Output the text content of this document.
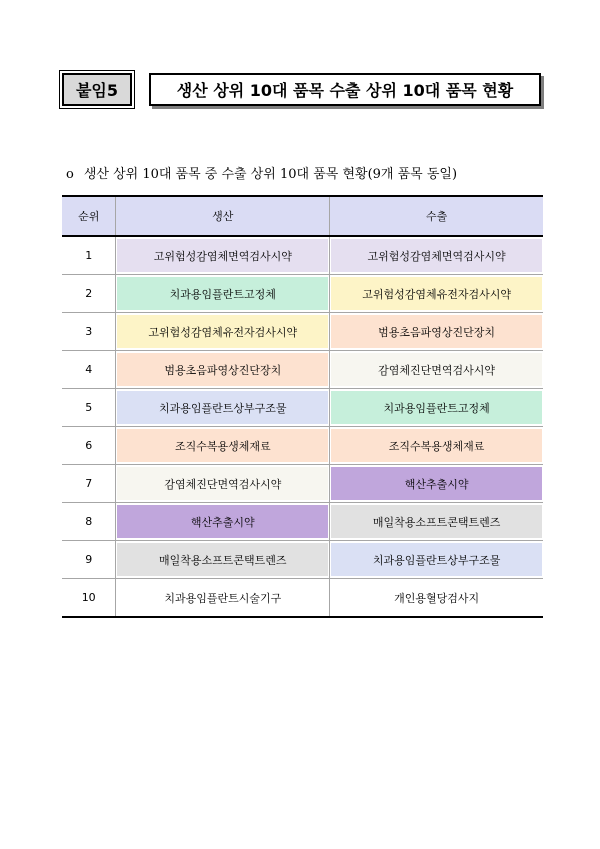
붙임5	생산 상위 10대 품목 수출 상위 10대 품목 현황
o 생산 상위 10대 품목 중 수출 상위 10대 품목 현황(9개 품목 동일)
순위	생산	수출

1	고위험성감염체면역검사시약	고위험성감염체면역검사시약

2	치과용임플란트고정체	고위험성감염체유전자검사시약

3	고위험성감염체유전자검사시약	범용초음파영상진단장치

4	범용초음파영상진단장치	감염체진단면역검사시약

5	치과용임플란트상부구조물	치과용임플란트고정체

6	조직수복용생체재료	조직수복용생체재료

7	감염체진단면역검사시약	핵산추출시약

8	핵산추출시약	매일착용소프트콘택트렌즈

9	매일착용소프트콘택트렌즈	치과용임플란트상부구조물

10	치과용임플란트시술기구	개인용혈당검사지
